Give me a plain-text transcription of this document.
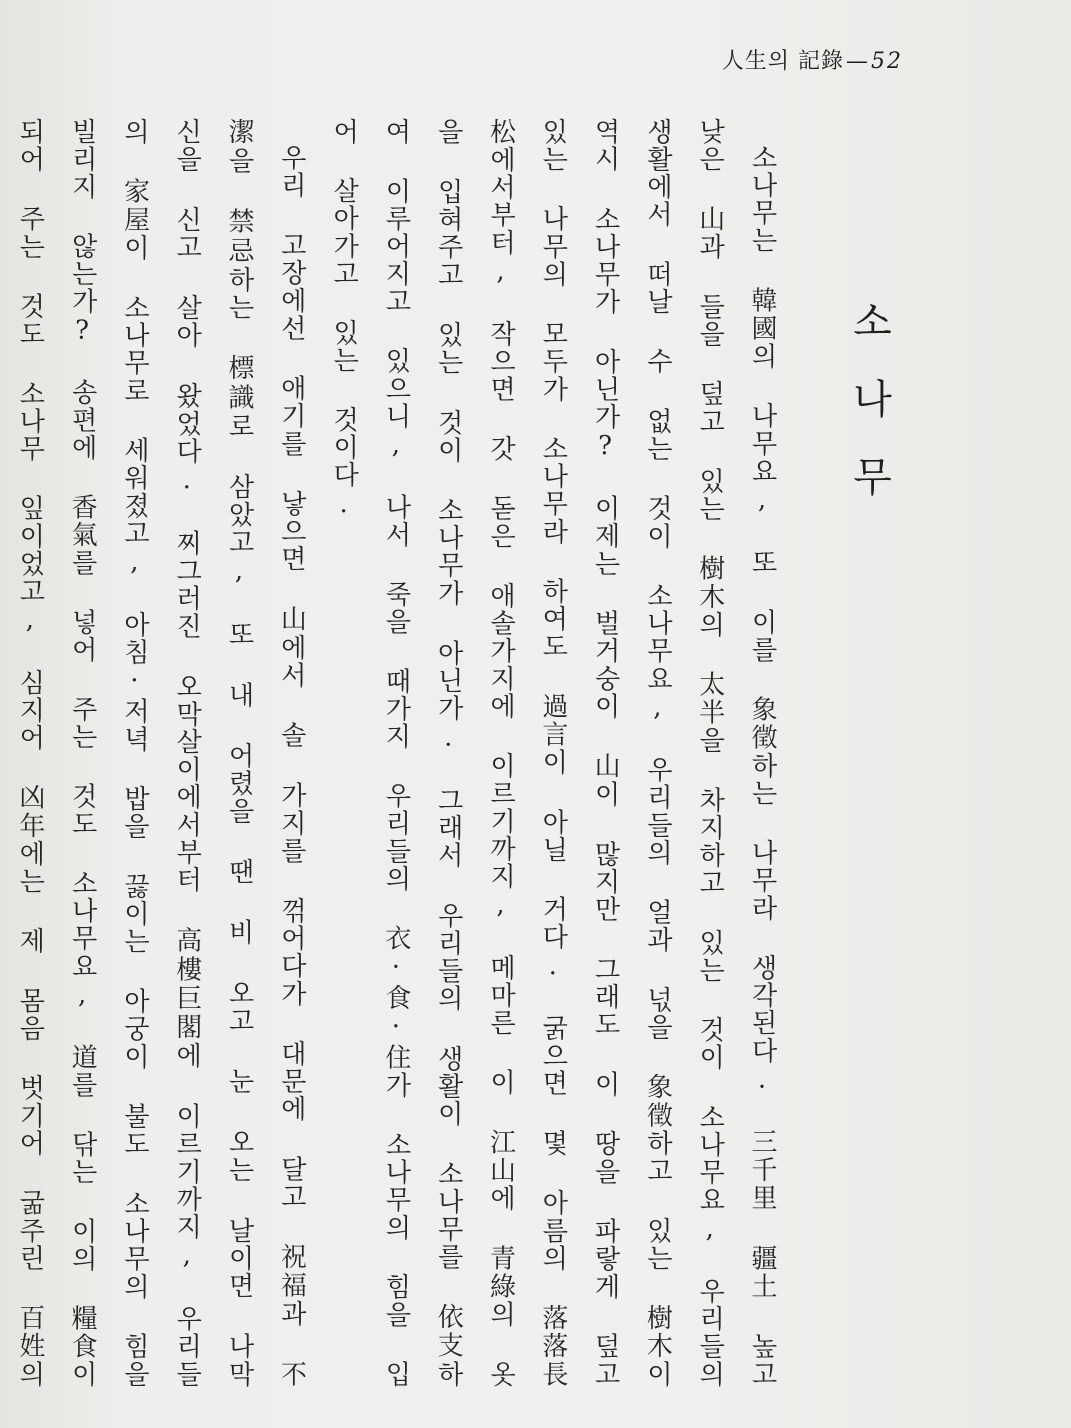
人生의 記錄—52
소나무

소나무는 韓國의 나무요, 또 이를 象徵하는 나무라 생각된다. 三千里 疆土 높고 낮은 山과 들을 덮고 있는 樹木의 太半을 차지하고 있는 것이 소나무요, 우리들의 생활에서 떠날 수 없는 것이 소나무요, 우리들의 얼과 넋을 象徵하고 있는 樹木이 역시 소나무가 아닌가? 이제는 벌거숭이 山이 많지만 그래도 이 땅을 파랗게 덮고 있는 나무의 모두가 소나무라 하여도 過言이 아닐 거다. 굵으면 몇 아름의 落落長松에서부터, 작으면 갓 돋은 애솔가지에 이르기까지, 메마른 이 江山에 青綠의 옷을 입혀주고 있는 것이 소나무가 아닌가. 그래서 우리들의 생활이 소나무를 依支하여 이루어지고 있으니, 나서 죽을 때가지 우리들의 衣·食·住가 소나무의 힘을 입어 살아가고 있는 것이다.

우리 고장에선 애기를 낳으면 山에서 솔 가지를 꺾어다가 대문에 달고 祝福과 不潔을 禁忌하는 標識로 삼았고, 또 내 어렸을 땐 비 오고 눈 오는 날이면 나막신을 신고 살아 왔었다. 찌그러진 오막살이에서부터 高樓巨閣에 이르기까지, 우리들의 家屋이 소나무로 세워졌고, 아침·저녁 밥을 끓이는 아궁이 불도 소나무의 힘을 빌리지 않는가? 송편에 香氣를 넣어 주는 것도 소나무요, 道를 닦는 이의 糧食이 되어 주는 것도 소나무 잎이었고, 심지어 凶年에는 제 몸음 벗기어 굶주린 百姓의
